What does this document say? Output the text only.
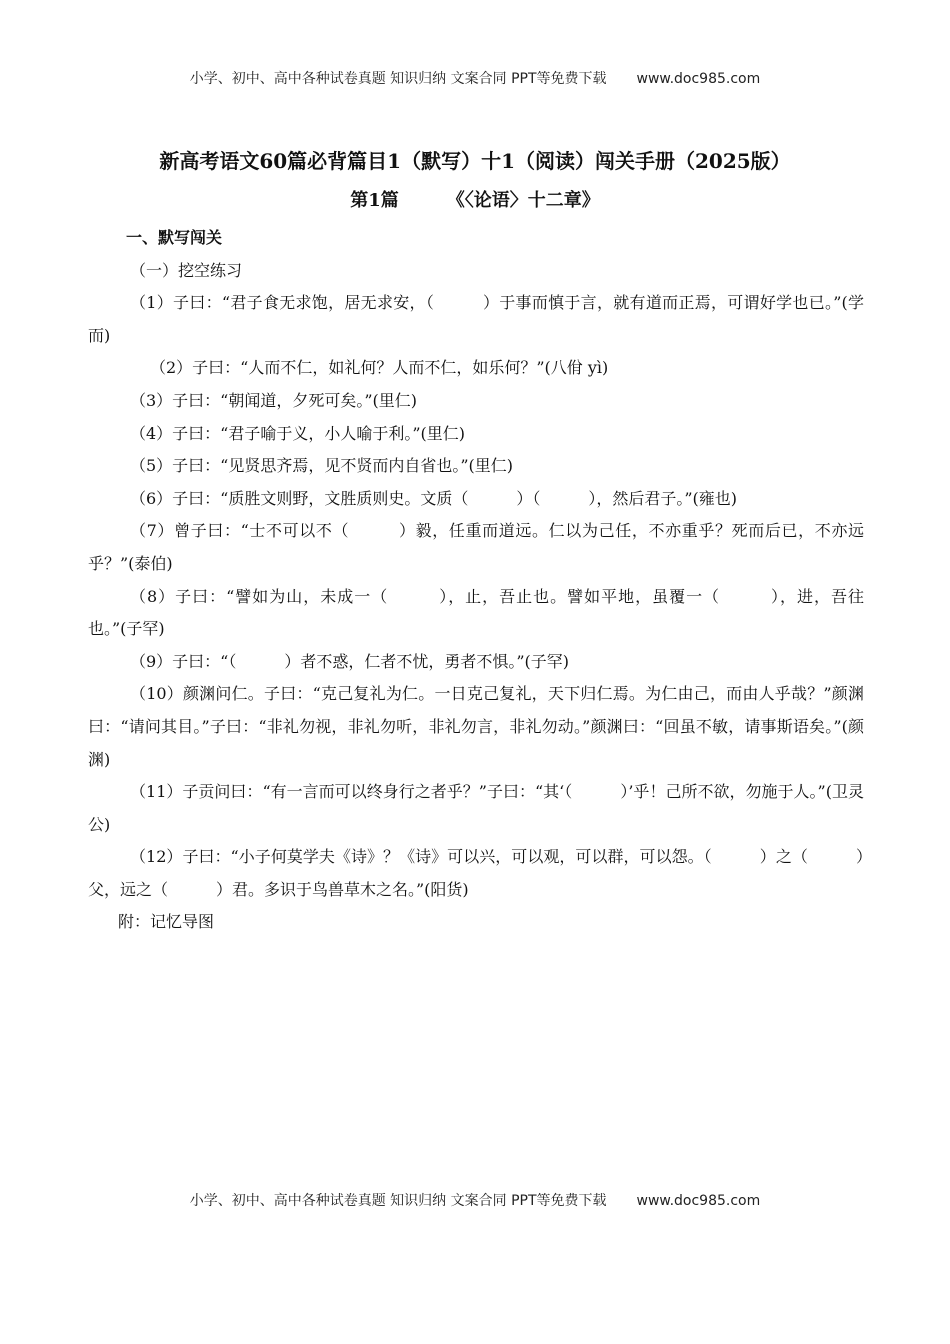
小学、初中、高中各种试卷真题 知识归纳 文案合同 PPT等免费下载 www.doc985.com
新高考语文60篇必背篇目1（默写）十1（阅读）闯关手册（2025版）
第1篇	《〈论语〉十二章》
一、默写闯关
（一）挖空练习

（1）子曰：“君子食无求饱，居无求安，（　　　）于事而慎于言，就有道而正焉，可谓好学也已。”(学而)

（2）子曰：“人而不仁，如礼何？人而不仁，如乐何？”(八佾 yì)

（3）子曰：“朝闻道，夕死可矣。”(里仁)

（4）子曰：“君子喻于义，小人喻于利。”(里仁)

（5）子曰：“见贤思齐焉，见不贤而内自省也。”(里仁)

（6）子曰：“质胜文则野，文胜质则史。文质（　　　）（　　　），然后君子。”(雍也)

（7）曾子曰：“士不可以不（　　　）毅，任重而道远。仁以为己任，不亦重乎？死而后已，不亦远乎？”(泰伯)

（8）子曰：“譬如为山，未成一（　　　），止，吾止也。譬如平地，虽覆一（　　　），进，吾往也。”(子罕)

（9）子曰：“（　　　）者不惑，仁者不忧，勇者不惧。”(子罕)

（10）颜渊问仁。子曰：“克己复礼为仁。一日克己复礼，天下归仁焉。为仁由己，而由人乎哉？”颜渊曰：“请问其目。”子曰：“非礼勿视，非礼勿听，非礼勿言，非礼勿动。”颜渊曰：“回虽不敏，请事斯语矣。”(颜渊)

（11）子贡问曰：“有一言而可以终身行之者乎？”子曰：“其‘（　　　）’乎！己所不欲，勿施于人。”(卫灵公)

（12）子曰：“小子何莫学夫《诗》？《诗》可以兴，可以观，可以群，可以怨。（　　　）之（　　　）父，远之（　　　）君。多识于鸟兽草木之名。”(阳货)

附：记忆导图
小学、初中、高中各种试卷真题 知识归纳 文案合同 PPT等免费下载 www.doc985.com
